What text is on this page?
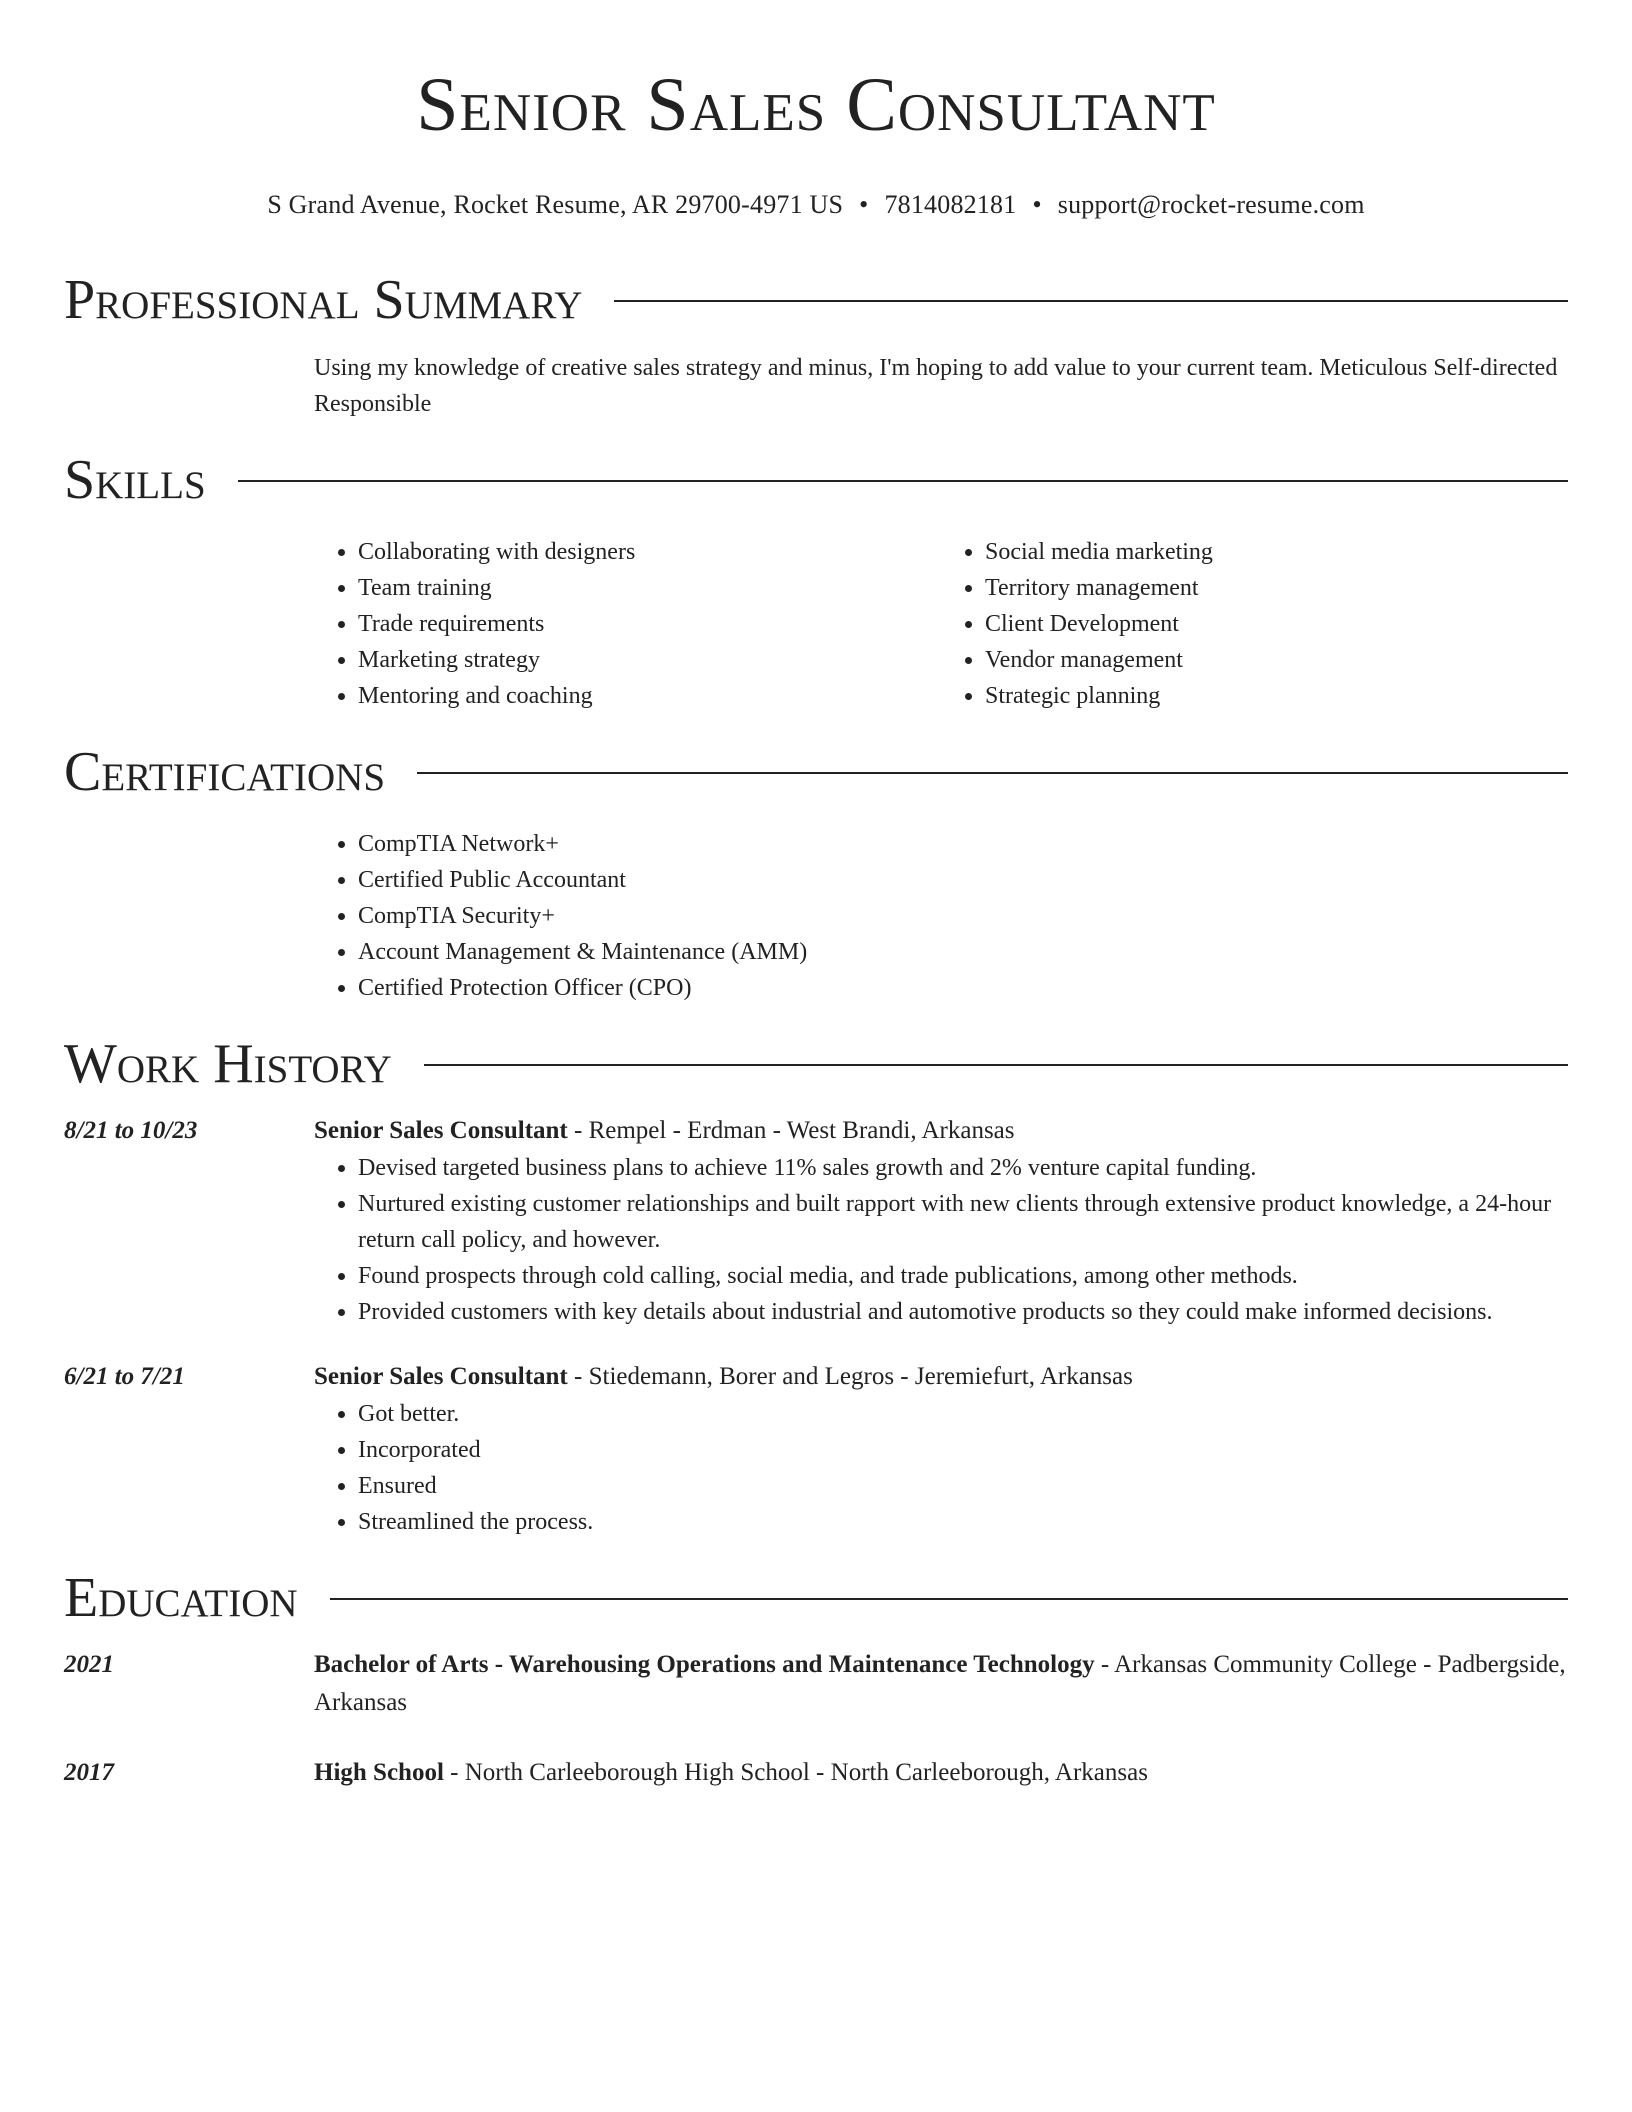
Senior Sales Consultant
S Grand Avenue, Rocket Resume, AR 29700-4971 US • 7814082181 • support@rocket-resume.com
Professional Summary
Using my knowledge of creative sales strategy and minus, I'm hoping to add value to your current team. Meticulous Self-directed Responsible
Skills
• Collaborating with designers
• Team training
• Trade requirements
• Marketing strategy
• Mentoring and coaching
• Social media marketing
• Territory management
• Client Development
• Vendor management
• Strategic planning
Certifications
• CompTIA Network+
• Certified Public Accountant
• CompTIA Security+
• Account Management & Maintenance (AMM)
• Certified Protection Officer (CPO)
Work History
8/21 to 10/23	Senior Sales Consultant - Rempel - Erdman - West Brandi, Arkansas
• Devised targeted business plans to achieve 11% sales growth and 2% venture capital funding.
• Nurtured existing customer relationships and built rapport with new clients through extensive product knowledge, a 24-hour return call policy, and however.
• Found prospects through cold calling, social media, and trade publications, among other methods.
• Provided customers with key details about industrial and automotive products so they could make informed decisions.
6/21 to 7/21	Senior Sales Consultant - Stiedemann, Borer and Legros - Jeremiefurt, Arkansas
• Got better.
• Incorporated
• Ensured
• Streamlined the process.
Education
2021	Bachelor of Arts - Warehousing Operations and Maintenance Technology - Arkansas Community College - Padbergside, Arkansas
2017	High School - North Carleeborough High School - North Carleeborough, Arkansas
